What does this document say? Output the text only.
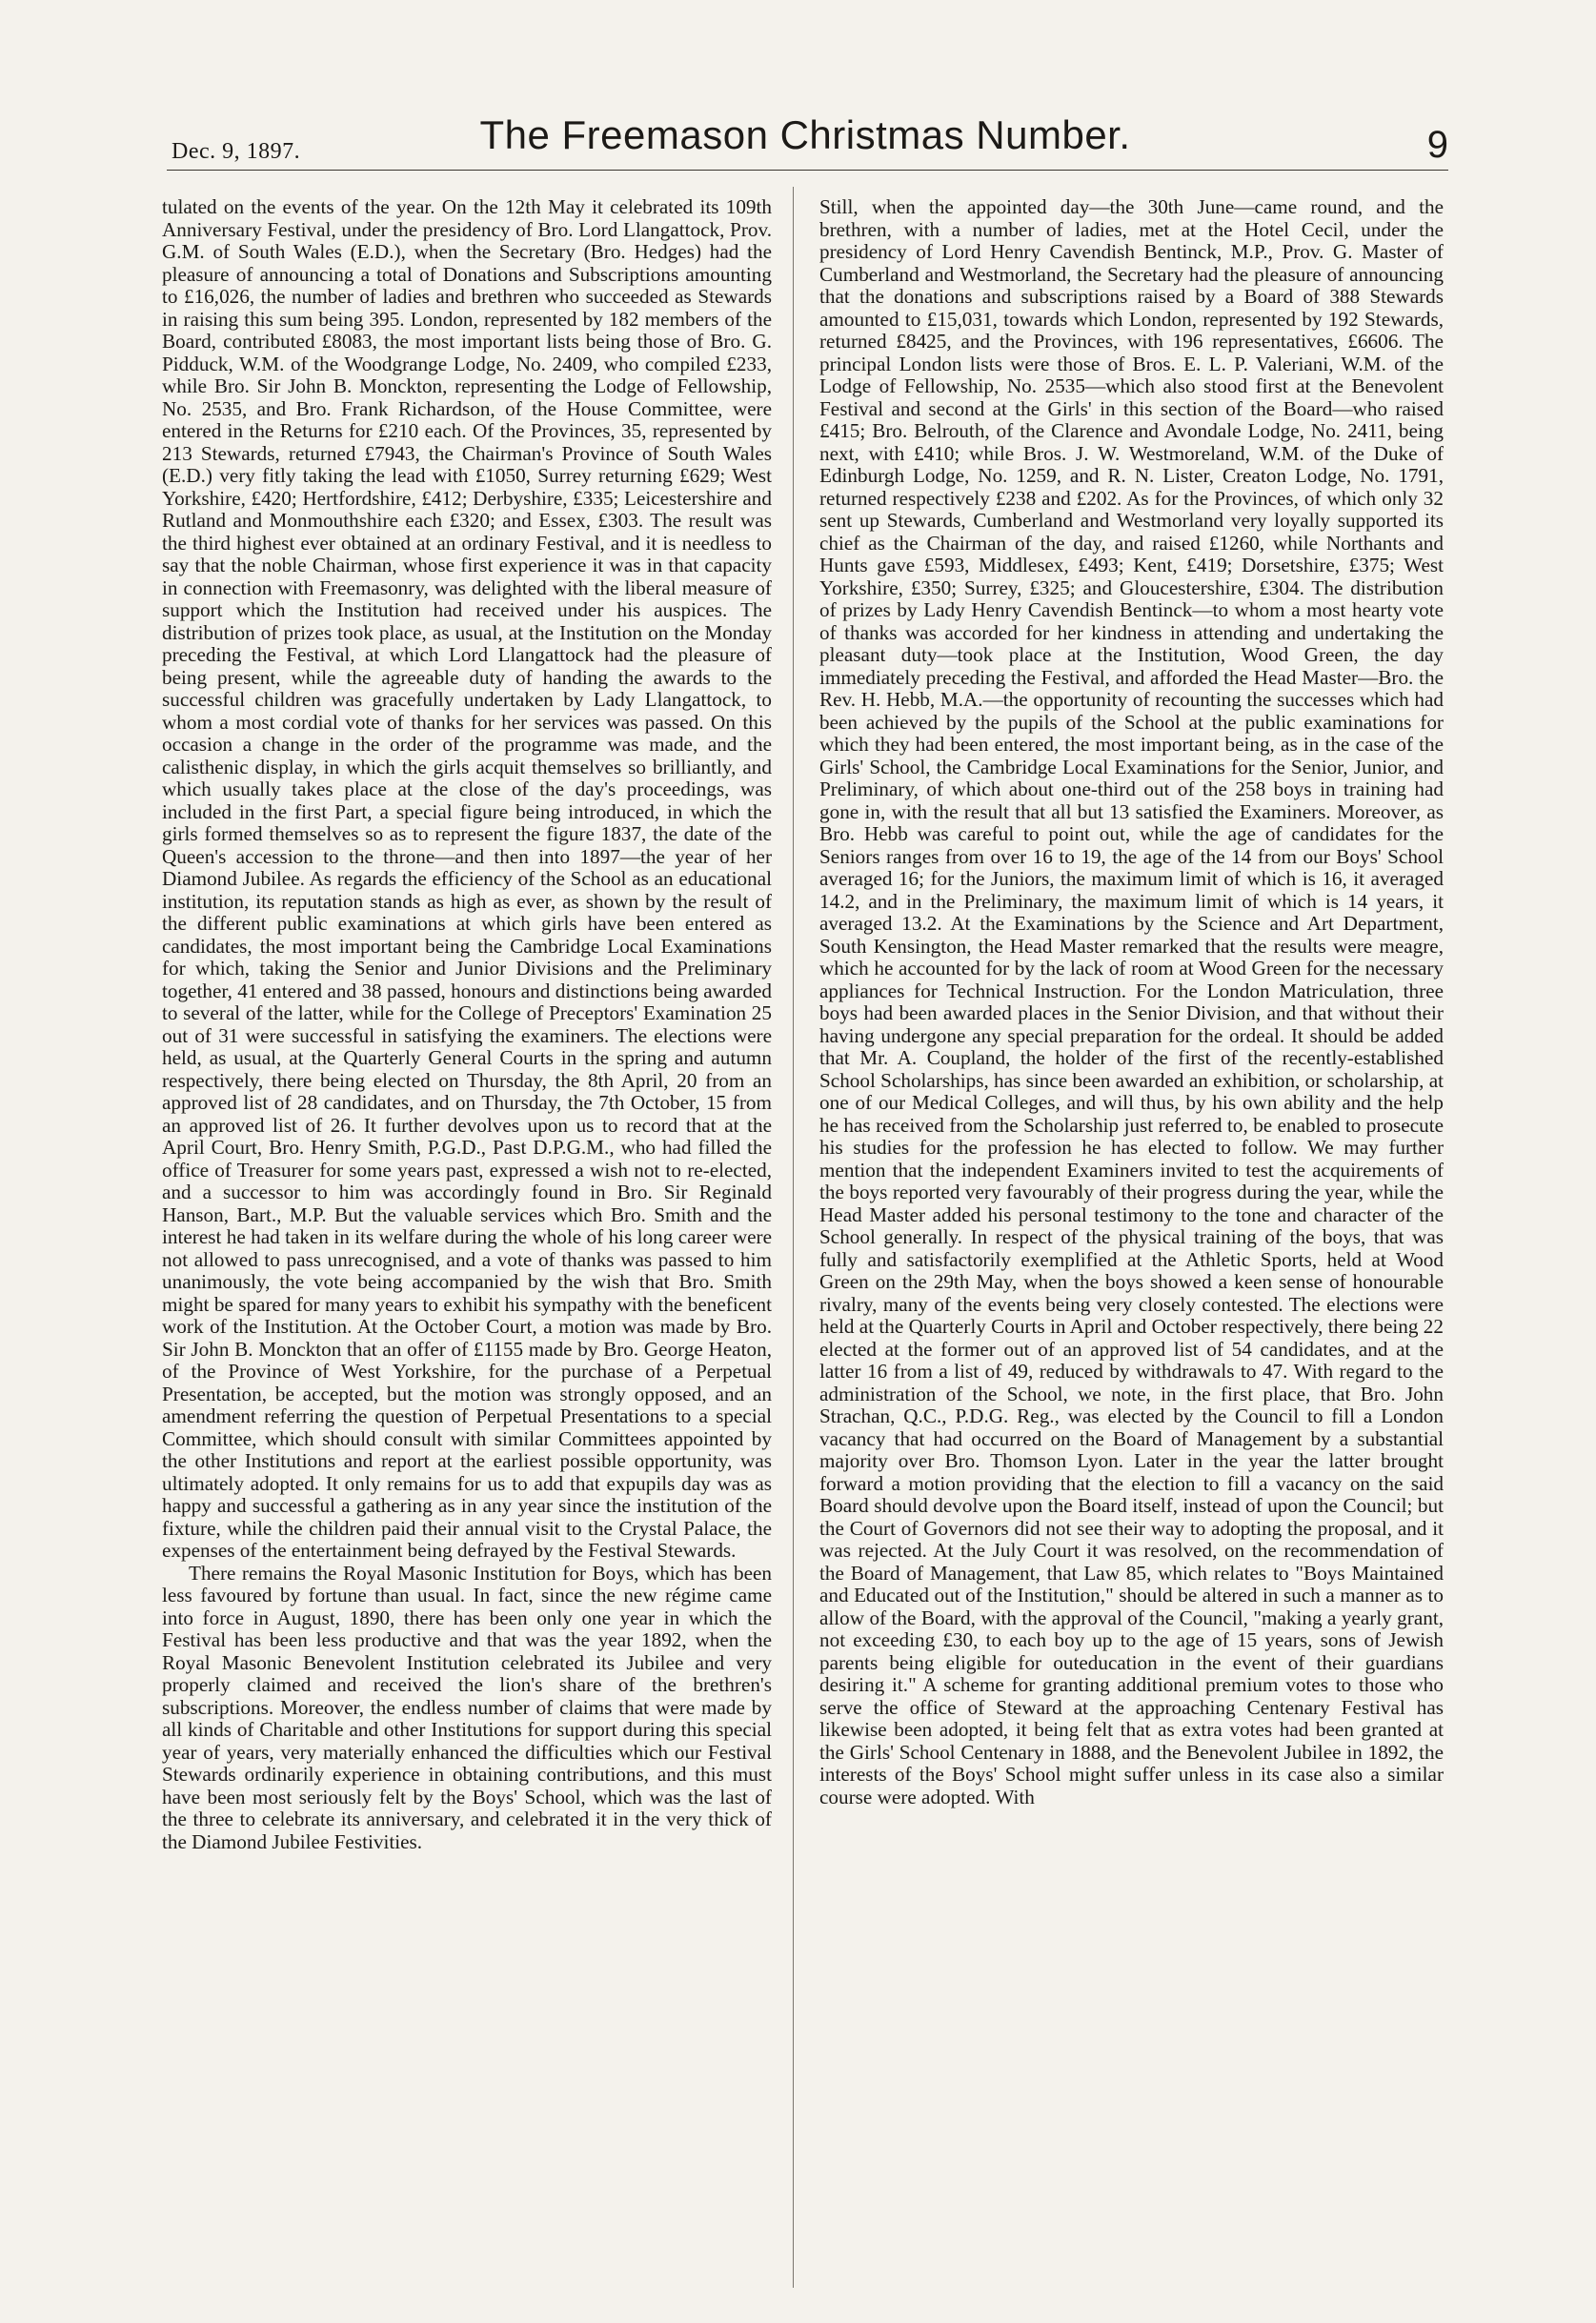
Dec. 9, 1897.	The Freemason Christmas Number.	9

tulated on the events of the year. On the 12th May it celebrated its 109th Anniversary Festival, under the presidency of Bro. Lord Llangattock, Prov. G.M. of South Wales (E.D.), when the Secretary (Bro. Hedges) had the pleasure of announcing a total of Donations and Subscriptions amounting to £16,026, the number of ladies and brethren who succeeded as Stewards in raising this sum being 395. London, represented by 182 members of the Board, contributed £8083, the most important lists being those of Bro. G. Pidduck, W.M. of the Woodgrange Lodge, No. 2409, who compiled £233, while Bro. Sir John B. Monckton, representing the Lodge of Fellowship, No. 2535, and Bro. Frank Richardson, of the House Committee, were entered in the Returns for £210 each. Of the Provinces, 35, represented by 213 Stewards, returned £7943, the Chairman's Province of South Wales (E.D.) very fitly taking the lead with £1050, Surrey returning £629; West Yorkshire, £420; Hertfordshire, £412; Derbyshire, £335; Leicestershire and Rutland and Monmouthshire each £320; and Essex, £303. The result was the third highest ever obtained at an ordinary Festival, and it is needless to say that the noble Chairman, whose first experience it was in that capacity in connection with Freemasonry, was delighted with the liberal measure of support which the Institution had received under his auspices. The distribution of prizes took place, as usual, at the Institution on the Monday preceding the Festival, at which Lord Llangattock had the pleasure of being present, while the agreeable duty of handing the awards to the successful children was gracefully undertaken by Lady Llangattock, to whom a most cordial vote of thanks for her services was passed. On this occasion a change in the order of the programme was made, and the calisthenic display, in which the girls acquit themselves so brilliantly, and which usually takes place at the close of the day's proceedings, was included in the first Part, a special figure being introduced, in which the girls formed themselves so as to represent the figure 1837, the date of the Queen's accession to the throne—and then into 1897—the year of her Diamond Jubilee. As regards the efficiency of the School as an educational institution, its reputation stands as high as ever, as shown by the result of the different public examinations at which girls have been entered as candidates, the most important being the Cambridge Local Examinations for which, taking the Senior and Junior Divisions and the Preliminary together, 41 entered and 38 passed, honours and distinctions being awarded to several of the latter, while for the College of Preceptors' Examination 25 out of 31 were successful in satisfying the examiners. The elections were held, as usual, at the Quarterly General Courts in the spring and autumn respectively, there being elected on Thursday, the 8th April, 20 from an approved list of 28 candidates, and on Thursday, the 7th October, 15 from an approved list of 26. It further devolves upon us to record that at the April Court, Bro. Henry Smith, P.G.D., Past D.P.G.M., who had filled the office of Treasurer for some years past, expressed a wish not to re-elected, and a successor to him was accordingly found in Bro. Sir Reginald Hanson, Bart., M.P. But the valuable services which Bro. Smith and the interest he had taken in its welfare during the whole of his long career were not allowed to pass unrecognised, and a vote of thanks was passed to him unanimously, the vote being accompanied by the wish that Bro. Smith might be spared for many years to exhibit his sympathy with the beneficent work of the Institution. At the October Court, a motion was made by Bro. Sir John B. Monckton that an offer of £1155 made by Bro. George Heaton, of the Province of West Yorkshire, for the purchase of a Perpetual Presentation, be accepted, but the motion was strongly opposed, and an amendment referring the question of Perpetual Presentations to a special Committee, which should consult with similar Committees appointed by the other Institutions and report at the earliest possible opportunity, was ultimately adopted. It only remains for us to add that expupils day was as happy and successful a gathering as in any year since the institution of the fixture, while the children paid their annual visit to the Crystal Palace, the expenses of the entertainment being defrayed by the Festival Stewards.

There remains the Royal Masonic Institution for Boys, which has been less favoured by fortune than usual. In fact, since the new régime came into force in August, 1890, there has been only one year in which the Festival has been less productive and that was the year 1892, when the Royal Masonic Benevolent Institution celebrated its Jubilee and very properly claimed and received the lion's share of the brethren's subscriptions. Moreover, the endless number of claims that were made by all kinds of Charitable and other Institutions for support during this special year of years, very materially enhanced the difficulties which our Festival Stewards ordinarily experience in obtaining contributions, and this must have been most seriously felt by the Boys' School, which was the last of the three to celebrate its anniversary, and celebrated it in the very thick of the Diamond Jubilee Festivities.

Still, when the appointed day—the 30th June—came round, and the brethren, with a number of ladies, met at the Hotel Cecil, under the presidency of Lord Henry Cavendish Bentinck, M.P., Prov. G. Master of Cumberland and Westmorland, the Secretary had the pleasure of announcing that the donations and subscriptions raised by a Board of 388 Stewards amounted to £15,031, towards which London, represented by 192 Stewards, returned £8425, and the Provinces, with 196 representatives, £6606. The principal London lists were those of Bros. E. L. P. Valeriani, W.M. of the Lodge of Fellowship, No. 2535—which also stood first at the Benevolent Festival and second at the Girls' in this section of the Board—who raised £415; Bro. Belrouth, of the Clarence and Avondale Lodge, No. 2411, being next, with £410; while Bros. J. W. Westmoreland, W.M. of the Duke of Edinburgh Lodge, No. 1259, and R. N. Lister, Creaton Lodge, No. 1791, returned respectively £238 and £202. As for the Provinces, of which only 32 sent up Stewards, Cumberland and Westmorland very loyally supported its chief as the Chairman of the day, and raised £1260, while Northants and Hunts gave £593, Middlesex, £493; Kent, £419; Dorsetshire, £375; West Yorkshire, £350; Surrey, £325; and Gloucestershire, £304. The distribution of prizes by Lady Henry Cavendish Bentinck—to whom a most hearty vote of thanks was accorded for her kindness in attending and undertaking the pleasant duty—took place at the Institution, Wood Green, the day immediately preceding the Festival, and afforded the Head Master—Bro. the Rev. H. Hebb, M.A.—the opportunity of recounting the successes which had been achieved by the pupils of the School at the public examinations for which they had been entered, the most important being, as in the case of the Girls' School, the Cambridge Local Examinations for the Senior, Junior, and Preliminary, of which about one-third out of the 258 boys in training had gone in, with the result that all but 13 satisfied the Examiners. Moreover, as Bro. Hebb was careful to point out, while the age of candidates for the Seniors ranges from over 16 to 19, the age of the 14 from our Boys' School averaged 16; for the Juniors, the maximum limit of which is 16, it averaged 14.2, and in the Preliminary, the maximum limit of which is 14 years, it averaged 13.2. At the Examinations by the Science and Art Department, South Kensington, the Head Master remarked that the results were meagre, which he accounted for by the lack of room at Wood Green for the necessary appliances for Technical Instruction. For the London Matriculation, three boys had been awarded places in the Senior Division, and that without their having undergone any special preparation for the ordeal. It should be added that Mr. A. Coupland, the holder of the first of the recently-established School Scholarships, has since been awarded an exhibition, or scholarship, at one of our Medical Colleges, and will thus, by his own ability and the help he has received from the Scholarship just referred to, be enabled to prosecute his studies for the profession he has elected to follow. We may further mention that the independent Examiners invited to test the acquirements of the boys reported very favourably of their progress during the year, while the Head Master added his personal testimony to the tone and character of the School generally. In respect of the physical training of the boys, that was fully and satisfactorily exemplified at the Athletic Sports, held at Wood Green on the 29th May, when the boys showed a keen sense of honourable rivalry, many of the events being very closely contested. The elections were held at the Quarterly Courts in April and October respectively, there being 22 elected at the former out of an approved list of 54 candidates, and at the latter 16 from a list of 49, reduced by withdrawals to 47. With regard to the administration of the School, we note, in the first place, that Bro. John Strachan, Q.C., P.D.G. Reg., was elected by the Council to fill a London vacancy that had occurred on the Board of Management by a substantial majority over Bro. Thomson Lyon. Later in the year the latter brought forward a motion providing that the election to fill a vacancy on the said Board should devolve upon the Board itself, instead of upon the Council; but the Court of Governors did not see their way to adopting the proposal, and it was rejected. At the July Court it was resolved, on the recommendation of the Board of Management, that Law 85, which relates to "Boys Maintained and Educated out of the Institution," should be altered in such a manner as to allow of the Board, with the approval of the Council, "making a yearly grant, not exceeding £30, to each boy up to the age of 15 years, sons of Jewish parents being eligible for outeducation in the event of their guardians desiring it." A scheme for granting additional premium votes to those who serve the office of Steward at the approaching Centenary Festival has likewise been adopted, it being felt that as extra votes had been granted at the Girls' School Centenary in 1888, and the Benevolent Jubilee in 1892, the interests of the Boys' School might suffer unless in its case also a similar course were adopted. With
